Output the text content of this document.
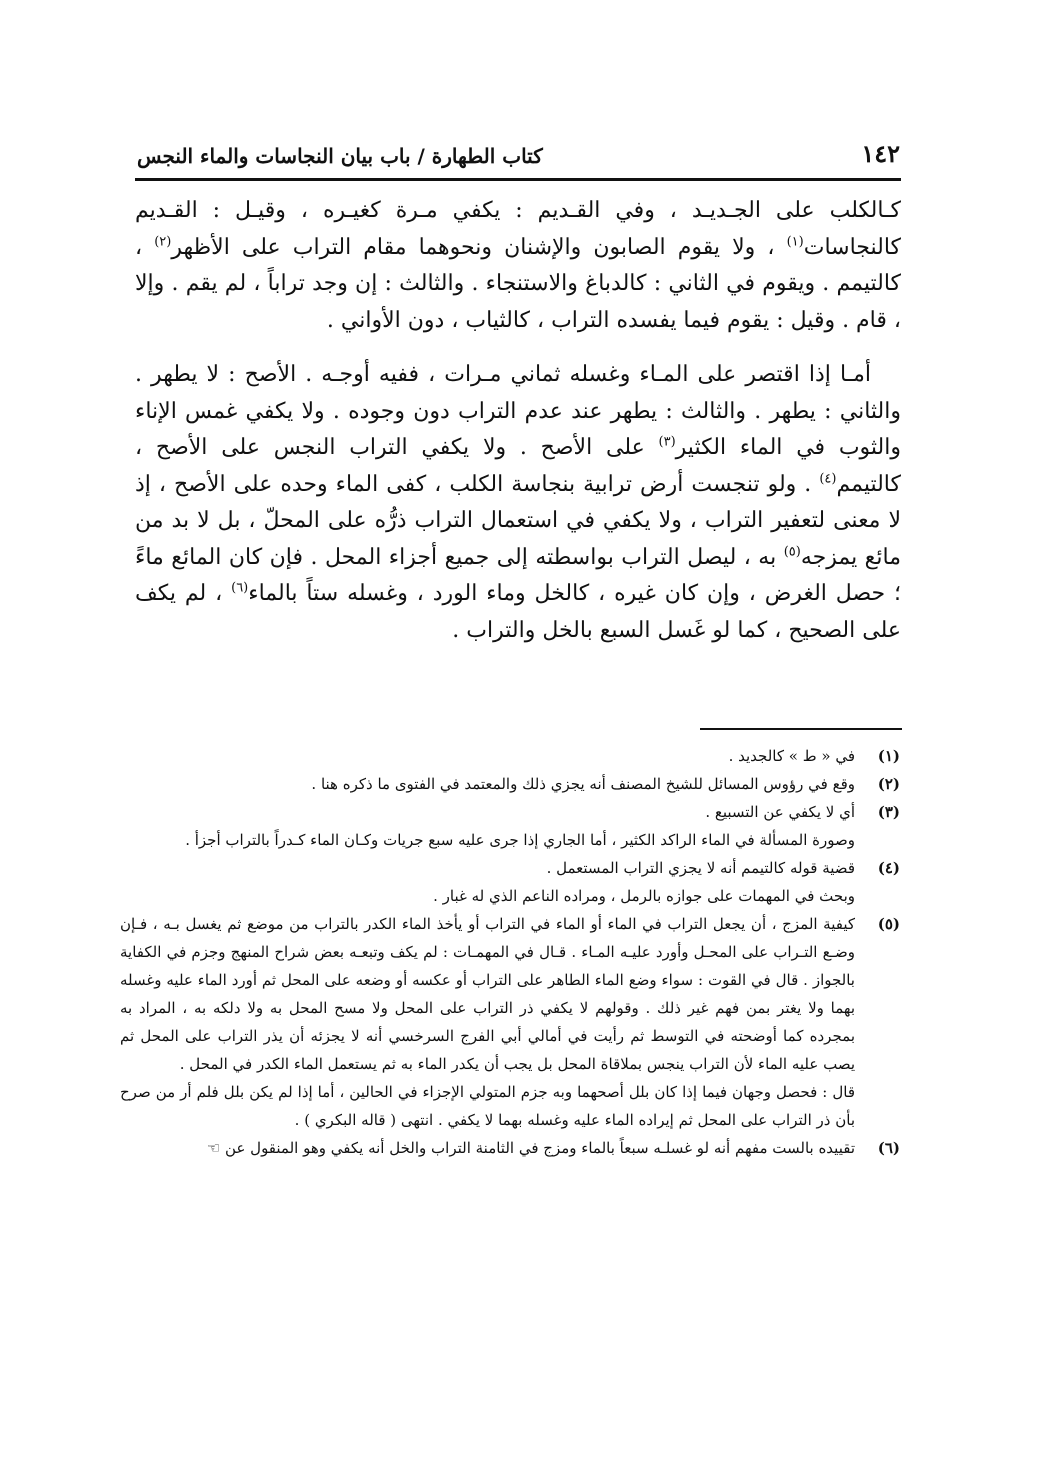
١٤٢
كتاب الطهارة / باب بيان النجاسات والماء النجس

كـالكلب على الجـديـد ، وفي القـديم : يكفي مـرة كغيـره ، وقيـل : القـديم كالنجاسات$^{(١)}$ ، ولا يقوم الصابون والإشنان ونحوهما مقام التراب على الأظهر$^{(٢)}$ ، كالتيمم . ويقوم في الثاني : كالدباغ والاستنجاء . والثالث : إن وجد تراباً ، لم يقم . وإلا ، قام . وقيل : يقوم فيما يفسده التراب ، كالثياب ، دون الأواني .

أمـا إذا اقتصر على المـاء وغسله ثماني مـرات ، ففيه أوجـه . الأصح : لا يطهر . والثاني : يطهر . والثالث : يطهر عند عدم التراب دون وجوده . ولا يكفي غمس الإناء والثوب في الماء الكثير$^{(٣)}$ على الأصح . ولا يكفي التراب النجس على الأصح ، كالتيمم$^{(٤)}$ . ولو تنجست أرض ترابية بنجاسة الكلب ، كفى الماء وحده على الأصح ، إذ لا معنى لتعفير التراب ، ولا يكفي في استعمال التراب ذرُّه على المحلّ ، بل لا بد من مائع يمزجه$^{(٥)}$ به ، ليصل التراب بواسطته إلى جميع أجزاء المحل . فإن كان المائع ماءً ؛ حصل الغرض ، وإن كان غيره ، كالخل وماء الورد ، وغسله ستاً بالماء$^{(٦)}$ ، لم يكف على الصحيح ، كما لو غَسل السبع بالخل والتراب .

(١)
في « ط » كالجديد .
(٢)
وقع في رؤوس المسائل للشيخ المصنف أنه يجزي ذلك والمعتمد في الفتوى ما ذكره هنا .
(٣)
أي لا يكفي عن التسبيع .
وصورة المسألة في الماء الراكد الكثير ، أما الجاري إذا جرى عليه سبع جريات وكـان الماء كـدراً بالتراب أجزأ .
(٤)
قضية قوله كالتيمم أنه لا يجزي التراب المستعمل .
وبحث في المهمات على جوازه بالرمل ، ومراده الناعم الذي له غبار .
(٥)
كيفية المزج ، أن يجعل التراب في الماء أو الماء في التراب أو يأخذ الماء الكدر بالتراب من موضع ثم يغسل بـه ، فـإن وضـع التـراب على المحـل وأورد عليـه المـاء . قـال في المهمـات : لم يكف وتبعـه بعض شراح المنهج وجزم في الكفاية بالجواز . قال في القوت : سواء وضع الماء الطاهر على التراب أو عكسه أو وضعه على المحل ثم أورد الماء عليه وغسله بهما ولا يغتر بمن فهم غير ذلك . وقولهم لا يكفي ذر التراب على المحل ولا مسح المحل به ولا دلكه به ، المراد به بمجرده كما أوضحته في التوسط ثم رأيت في أمالي أبي الفرج السرخسي أنه لا يجزئه أن يذر التراب على المحل ثم يصب عليه الماء لأن التراب ينجس بملاقاة المحل بل يجب أن يكدر الماء به ثم يستعمل الماء الكدر في المحل .
قال : فحصل وجهان فيما إذا كان بلل أصحهما وبه جزم المتولي الإجزاء في الحالين ، أما إذا لم يكن بلل فلم أر من صرح بأن ذر التراب على المحل ثم إيراده الماء عليه وغسله بهما لا يكفي . انتهى ( قاله البكري ) .
(٦)
تقييده بالست مفهم أنه لو غسلـه سبعاً بالماء ومزج في الثامنة التراب والخل أنه يكفي وهو المنقول عن ☜
